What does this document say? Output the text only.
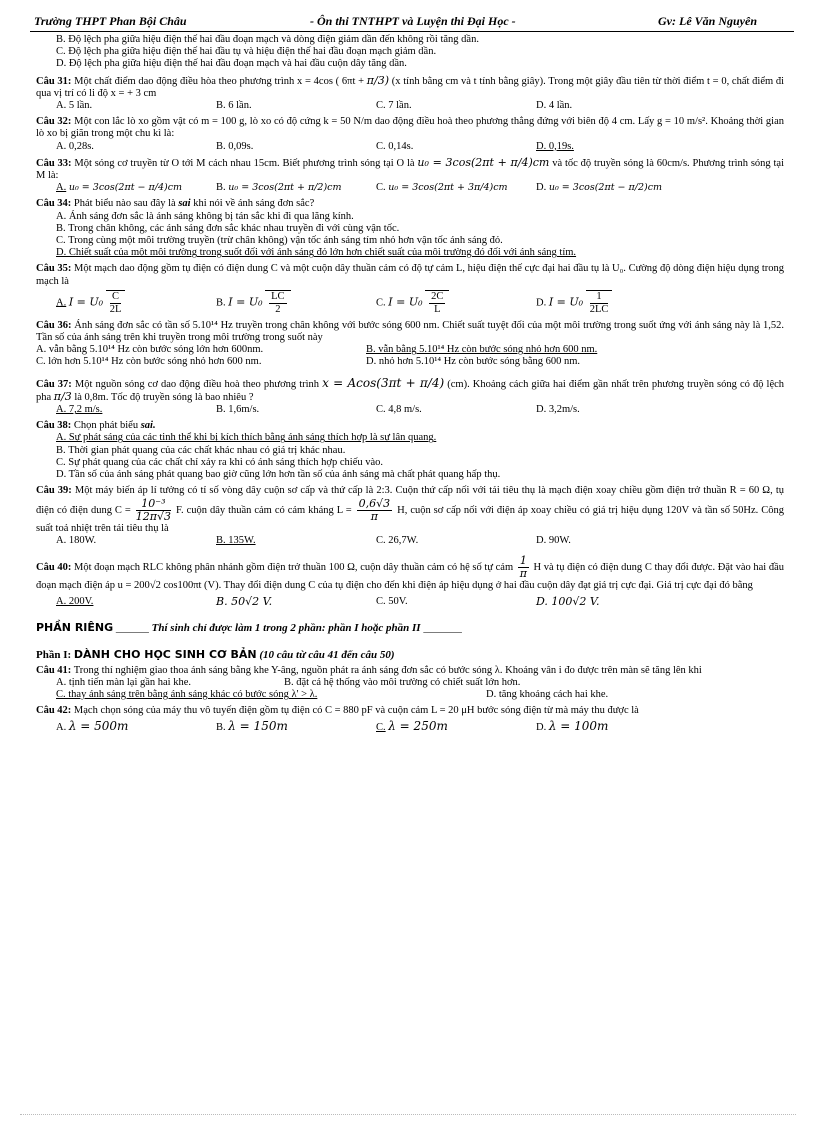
Trường THPT Phan Bội Châu	- Ôn thi TNTHPT và Luyện thi Đại Học -	Gv: Lê Văn Nguyên

B. Độ lệch pha giữa hiệu điện thế hai đầu đoạn mạch và dòng điện giảm dần đến không rồi tăng dần.

C. Độ lệch pha giữa hiệu điện thế hai đầu tụ và hiệu điện thế hai đầu đoạn mạch giảm dần.

D. Độ lệch pha giữa hiệu điện thế hai đầu đoạn mạch và hai đầu cuộn dây tăng dần.

Câu 31: Một chất điểm dao động điều hòa theo phương trình x = 4cos ( 6πt + π/3) (x tính bằng cm và t tính bằng giây). Trong một giây đầu tiên từ thời điểm t = 0, chất điểm đi qua vị trí có li độ x = + 3 cm

A. 5 lần.	B. 6 lần.	C. 7 lần.	D. 4 lần.

Câu 32: Một con lắc lò xo gồm vật có m = 100 g, lò xo có độ cứng k = 50 N/m dao động điều hoà theo phương thẳng đứng với biên độ 4 cm. Lấy g = 10 m/s². Khoảng thời gian lò xo bị giãn trong một chu kì là:

A. 0,28s.	B. 0,09s.	C. 0,14s.	D. 0,19s.

Câu 33: Một sóng cơ truyền từ O tới M cách nhau 15cm. Biết phương trình sóng tại O là u₀ = 3cos(2πt + π/4)cm và tốc độ truyền sóng là 60cm/s. Phương trình sóng tại M là:

A. u₀ = 3cos(2πt − π/4)cm	B. u₀ = 3cos(2πt + π/2)cm	C. u₀ = 3cos(2πt + 3π/4)cm	D. u₀ = 3cos(2πt − π/2)cm

Câu 34: Phát biểu nào sau đây là sai khi nói về ánh sáng đơn sắc?

A. Ánh sáng đơn sắc là ánh sáng không bị tán sắc khi đi qua lăng kính.

B. Trong chân không, các ánh sáng đơn sắc khác nhau truyền đi với cùng vận tốc.

C. Trong cùng một môi trường truyền (trừ chân không) vận tốc ánh sáng tím nhỏ hơn vận tốc ánh sáng đỏ.

D. Chiết suất của một môi trường trong suốt đối với ánh sáng đỏ lớn hơn chiết suất của môi trường đó đối với ánh sáng tím.

Câu 35: Một mạch dao động gồm tụ điện có điện dung C và một cuộn dây thuần cảm có độ tự cảm L, hiệu điện thế cực đại hai đầu tụ là U₀. Cường độ dòng điện hiệu dụng trong mạch là

A. $I = U_0 \frac{C}{2L}$	B. $I = U_0 \frac{LC}{2}$	C. $I = U_0 \frac{2C}{L}$	D. $I = U_0 \frac{1}{2LC}$

Câu 36: Ánh sáng đơn sắc có tần số 5.10¹⁴ Hz truyền trong chân không với bước sóng 600 nm. Chiết suất tuyệt đối của một môi trường trong suốt ứng với ánh sáng này là 1,52. Tần số của ánh sáng trên khi truyền trong môi trường trong suốt này

A. vẫn bằng 5.10¹⁴ Hz còn bước sóng lớn hơn 600nm.	B. vẫn bằng 5.10¹⁴ Hz còn bước sóng nhỏ hơn 600 nm.
C. lớn hơn 5.10¹⁴ Hz còn bước sóng nhỏ hơn 600 nm.	D. nhỏ hơn 5.10¹⁴ Hz còn bước sóng bằng 600 nm.

Câu 37: Một nguồn sóng cơ dao động điều hoà theo phương trình x = Acos(3πt + π/4) (cm). Khoảng cách giữa hai điểm gần nhất trên phương truyền sóng có độ lệch pha π/3 là 0,8m. Tốc độ truyền sóng là bao nhiêu ?

A. 7,2 m/s.	B. 1,6m/s.	C. 4,8 m/s.	D. 3,2m/s.

Câu 38: Chọn phát biểu sai.

A. Sự phát sáng của các tinh thể khi bị kích thích bằng ánh sáng thích hợp là sự lân quang.

B. Thời gian phát quang của các chất khác nhau có giá trị khác nhau.

C. Sự phát quang của các chất chỉ xảy ra khi có ánh sáng thích hợp chiếu vào.

D. Tần số của ánh sáng phát quang bao giờ cũng lớn hơn tần số của ánh sáng mà chất phát quang hấp thụ.

Câu 39: Một máy biến áp lí tưởng có tỉ số vòng dây cuộn sơ cấp và thứ cấp là 2:3. Cuộn thứ cấp nối với tải tiêu thụ là mạch điện xoay chiều gồm điện trở thuần R = 60 Ω, tụ điện có điện dung $C = \frac{\text{10⁻³}}{12\pi√3} F$. cuộn dây thuần cảm có cảm kháng $L = \frac{0,6√3}{\pi} H$, cuộn sơ cấp nối với điện áp xoay chiều có giá trị hiệu dụng 120V và tần số 50Hz. Công suất toả nhiệt trên tải tiêu thụ là

A. 180W.	B. 135W.	C. 26,7W.	D. 90W.

Câu 40: Một đoạn mạch RLC không phân nhánh gồm điện trở thuần 100 Ω, cuộn dây thuần cảm có hệ số tự cảm $\frac{1}{\pi}$ H và tụ điện có điện dung C thay đổi được. Đặt vào hai đầu đoạn mạch điện áp u = 200√2 cos100πt (V). Thay đổi điện dung C của tụ điện cho đến khi điện áp hiệu dụng ở hai đầu cuộn dây đạt giá trị cực đại. Giá trị cực đại đó bằng

A. 200V.	B. 50√2 V.	C. 50V.	D. 100√2 V.
PHẦN RIÊNG ______ Thí sinh chỉ được làm 1 trong 2 phần: phần I hoặc phần II _______
Phần I: DÀNH CHO HỌC SINH CƠ BẢN (10 câu từ câu 41 đến câu 50)

Câu 41: Trong thí nghiệm giao thoa ánh sáng bằng khe Y-âng, nguồn phát ra ánh sáng đơn sắc có bước sóng λ. Khoảng vân i đo được trên màn sẽ tăng lên khi

A. tịnh tiến màn lại gần hai khe.	B. đặt cả hệ thống vào môi trường có chiết suất lớn hơn.
C. thay ánh sáng trên bằng ánh sáng khác có bước sóng λ' > λ.	D. tăng khoảng cách hai khe.

Câu 42: Mạch chọn sóng của máy thu vô tuyến điện gồm tụ điện có C = 880 pF và cuộn cảm L = 20 μH bước sóng điện từ mà máy thu được là

A. λ = 500m	B. λ = 150m	C. λ = 250m	D. λ = 100m
